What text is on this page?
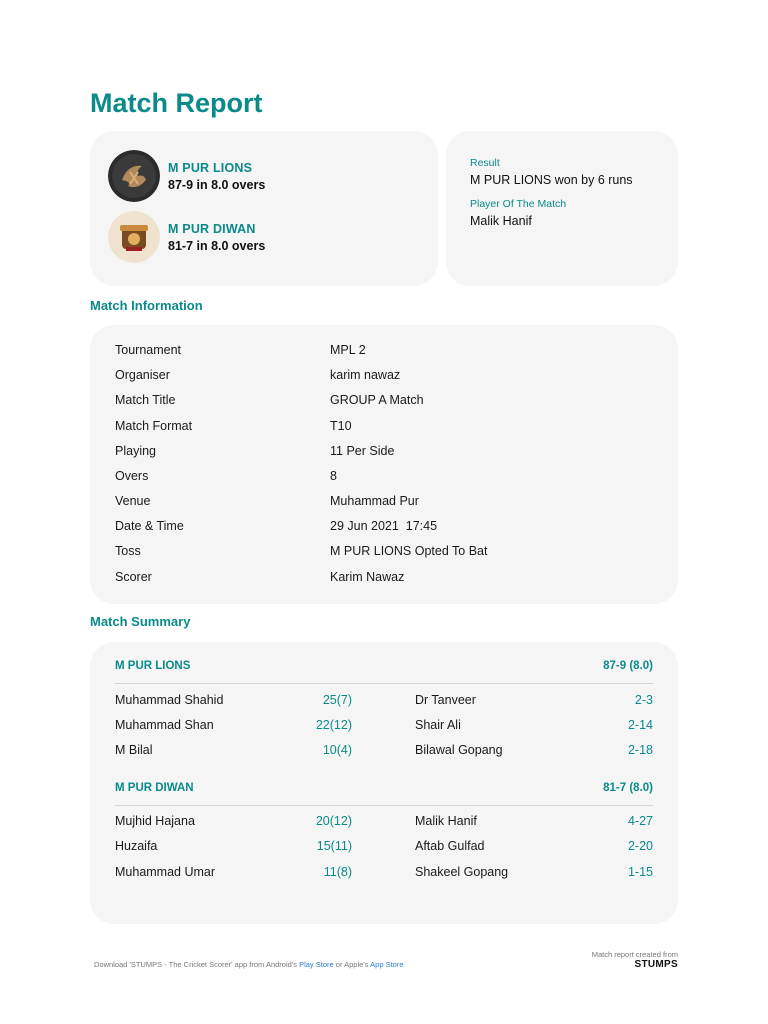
Match Report
M PUR LIONS
87-9 in 8.0 overs
M PUR DIWAN
81-7 in 8.0 overs
Result
M PUR LIONS won by 6 runs
Player Of The Match
Malik Hanif
Match Information
Tournament	MPL 2
Organiser	karim nawaz
Match Title	GROUP A Match
Match Format	T10
Playing	11 Per Side
Overs	8
Venue	Muhammad Pur
Date & Time	29 Jun 2021  17:45
Toss	M PUR LIONS Opted To Bat
Scorer	Karim Nawaz
Match Summary
M PUR LIONS	87-9 (8.0)
Muhammad Shahid	25(7)	Dr Tanveer	2-3
Muhammad Shan	22(12)	Shair Ali	2-14
M Bilal	10(4)	Bilawal Gopang	2-18
M PUR DIWAN	81-7 (8.0)
Mujhid Hajana	20(12)	Malik Hanif	4-27
Huzaifa	15(11)	Aftab Gulfad	2-20
Muhammad Umar	11(8)	Shakeel Gopang	1-15
Download 'STUMPS - The Cricket Scorer' app from Android's Play Store or Apple's App Store
Match report created from
STUMPS
